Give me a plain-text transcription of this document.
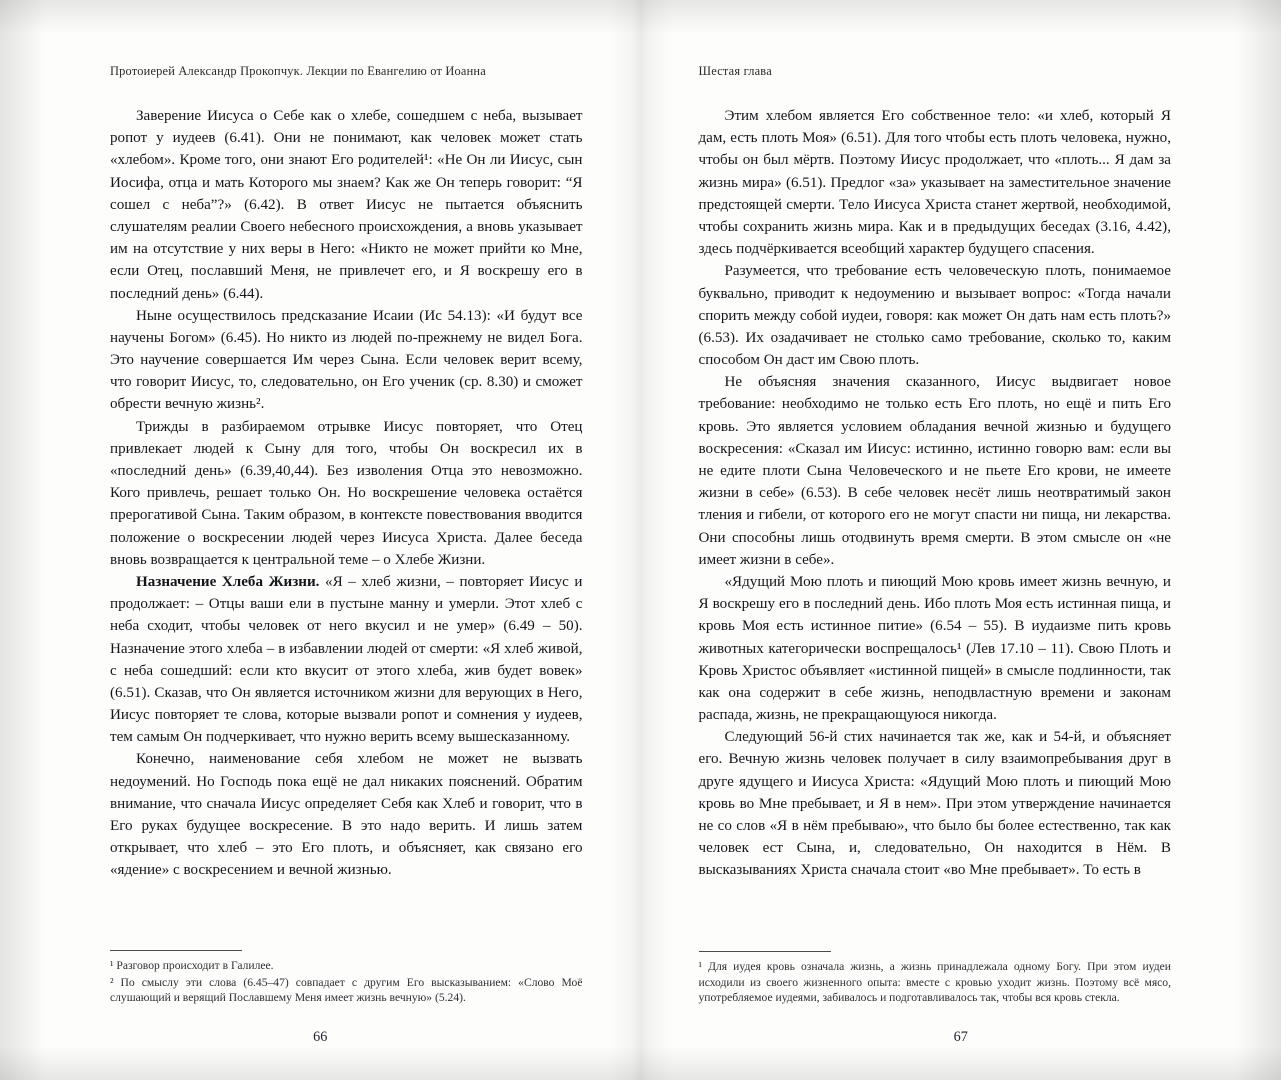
Протоиерей Александр Прокопчук. Лекции по Евангелию от Иоанна

Заверение Иисуса о Себе как о хлебе, сошедшем с неба, вызывает ропот у иудеев (6.41). Они не понимают, как человек может стать «хлебом». Кроме того, они знают Его родителей¹: «Не Он ли Иисус, сын Иосифа, отца и мать Которого мы знаем? Как же Он теперь говорит: “Я сошел с неба”?» (6.42). В ответ Иисус не пытается объяснить слушателям реалии Своего небесного происхождения, а вновь указывает им на отсутствие у них веры в Него: «Никто не может прийти ко Мне, если Отец, пославший Меня, не привлечет его, и Я воскрешу его в последний день» (6.44).

Ныне осуществилось предсказание Исаии (Ис 54.13): «И будут все научены Богом» (6.45). Но никто из людей по-прежнему не видел Бога. Это научение совершается Им через Сына. Если человек верит всему, что говорит Иисус, то, следовательно, он Его ученик (ср. 8.30) и сможет обрести вечную жизнь².

Трижды в разбираемом отрывке Иисус повторяет, что Отец привлекает людей к Сыну для того, чтобы Он воскресил их в «последний день» (6.39,40,44). Без изволения Отца это невозможно. Кого привлечь, решает только Он. Но воскрешение человека остаётся прерогативой Сына. Таким образом, в контексте повествования вводится положение о воскресении людей через Иисуса Христа. Далее беседа вновь возвращается к центральной теме – о Хлебе Жизни.

Назначение Хлеба Жизни. «Я – хлеб жизни, – повторяет Иисус и продолжает: – Отцы ваши ели в пустыне манну и умерли. Этот хлеб с неба сходит, чтобы человек от него вкусил и не умер» (6.49 – 50). Назначение этого хлеба – в избавлении людей от смерти: «Я хлеб живой, с неба сошедший: если кто вкусит от этого хлеба, жив будет вовек» (6.51). Сказав, что Он является источником жизни для верующих в Него, Иисус повторяет те слова, которые вызвали ропот и сомнения у иудеев, тем самым Он подчеркивает, что нужно верить всему вышесказанному.

Конечно, наименование себя хлебом не может не вызвать недоумений. Но Господь пока ещё не дал никаких пояснений. Обратим внимание, что сначала Иисус определяет Себя как Хлеб и говорит, что в Его руках будущее воскресение. В это надо верить. И лишь затем открывает, что хлеб – это Его плоть, и объясняет, как связано его «ядение» с воскресением и вечной жизнью.

¹ Разговор происходит в Галилее.

² По смыслу эти слова (6.45–47) совпадает с другим Его высказыванием: «Слово Моё слушающий и верящий Пославшему Меня имеет жизнь вечную» (5.24).

66
Шестая глава

Этим хлебом является Его собственное тело: «и хлеб, который Я дам, есть плоть Моя» (6.51). Для того чтобы есть плоть человека, нужно, чтобы он был мёртв. Поэтому Иисус продолжает, что «плоть... Я дам за жизнь мира» (6.51). Предлог «за» указывает на заместительное значение предстоящей смерти. Тело Иисуса Христа станет жертвой, необходимой, чтобы сохранить жизнь мира. Как и в предыдущих беседах (3.16, 4.42), здесь подчёркивается всеобщий характер будущего спасения.

Разумеется, что требование есть человеческую плоть, понимаемое буквально, приводит к недоумению и вызывает вопрос: «Тогда начали спорить между собой иудеи, говоря: как может Он дать нам есть плоть?» (6.53). Их озадачивает не столько само требование, сколько то, каким способом Он даст им Свою плоть.

Не объясняя значения сказанного, Иисус выдвигает новое требование: необходимо не только есть Его плоть, но ещё и пить Его кровь. Это является условием обладания вечной жизнью и будущего воскресения: «Сказал им Иисус: истинно, истинно говорю вам: если вы не едите плоти Сына Человеческого и не пьете Его крови, не имеете жизни в себе» (6.53). В себе человек несёт лишь неотвратимый закон тления и гибели, от которого его не могут спасти ни пища, ни лекарства. Они способны лишь отодвинуть время смерти. В этом смысле он «не имеет жизни в себе».

«Ядущий Мою плоть и пиющий Мою кровь имеет жизнь вечную, и Я воскрешу его в последний день. Ибо плоть Моя есть истинная пища, и кровь Моя есть истинное питие» (6.54 – 55). В иудаизме пить кровь животных категорически воспрещалось¹ (Лев 17.10 – 11). Свою Плоть и Кровь Христос объявляет «истинной пищей» в смысле подлинности, так как она содержит в себе жизнь, неподвластную времени и законам распада, жизнь, не прекращающуюся никогда.

Следующий 56-й стих начинается так же, как и 54-й, и объясняет его. Вечную жизнь человек получает в силу взаимопребывания друг в друге ядущего и Иисуса Христа: «Ядущий Мою плоть и пиющий Мою кровь во Мне пребывает, и Я в нем». При этом утверждение начинается не со слов «Я в нём пребываю», что было бы более естественно, так как человек ест Сына, и, следовательно, Он находится в Нём. В высказываниях Христа сначала стоит «во Мне пребывает». То есть в

¹ Для иудея кровь означала жизнь, а жизнь принадлежала одному Богу. При этом иудеи исходили из своего жизненного опыта: вместе с кровью уходит жизнь. Поэтому всё мясо, употребляемое иудеями, забивалось и подготавливалось так, чтобы вся кровь стекла.

67
